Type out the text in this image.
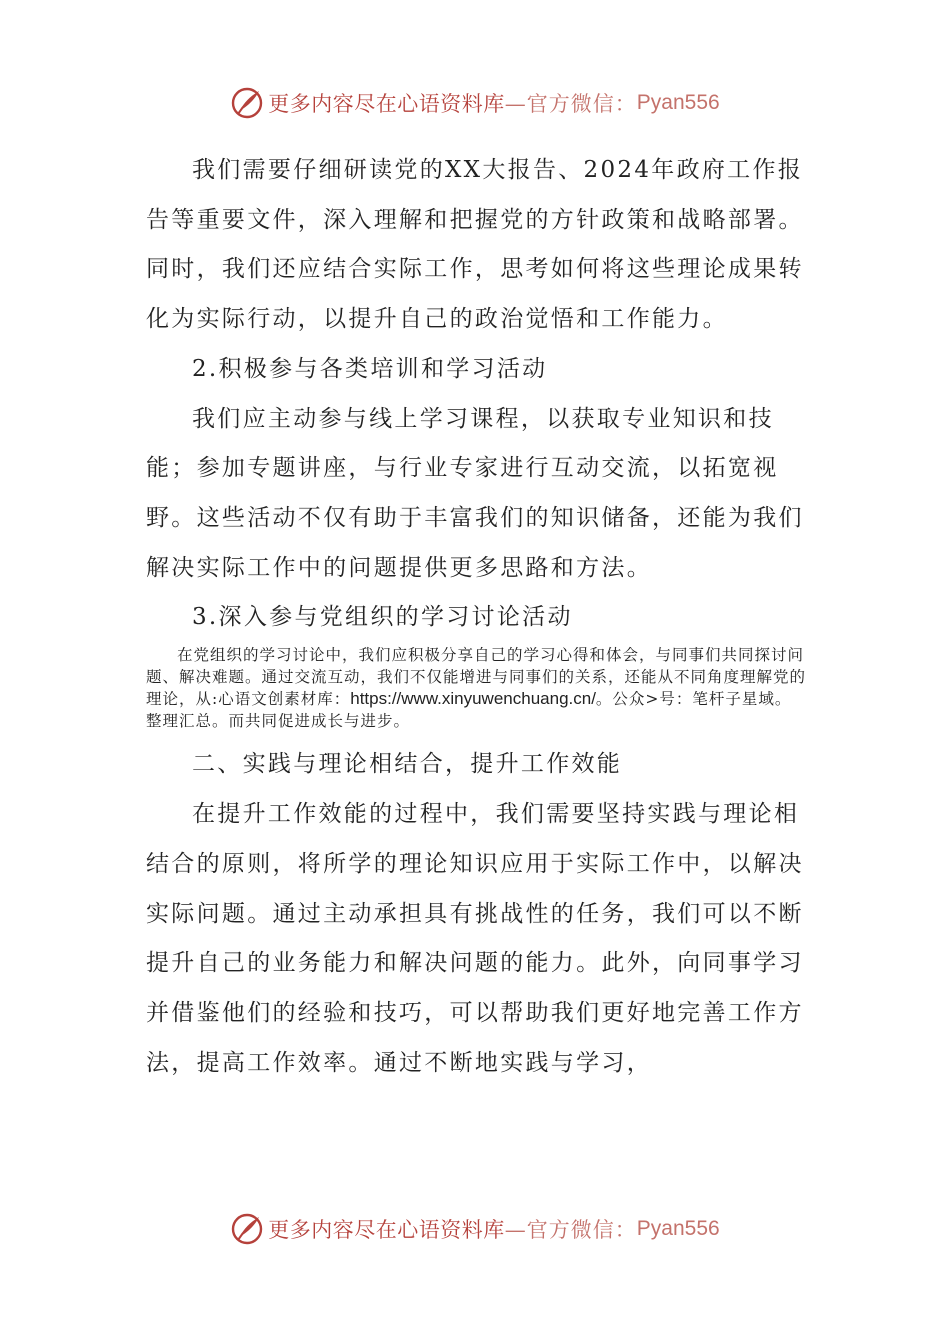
更多内容尽在心语资料库 —官方微信： Pyan556

我们需要仔细研读党的XX大报告、2024年政府工作报告等重要文件，深入理解和把握党的方针政策和战略部署。同时，我们还应结合实际工作，思考如何将这些理论成果转化为实际行动，以提升自己的政治觉悟和工作能力。

2.积极参与各类培训和学习活动

我们应主动参与线上学习课程，以获取专业知识和技能；参加专题讲座，与行业专家进行互动交流，以拓宽视野。这些活动不仅有助于丰富我们的知识储备，还能为我们解决实际工作中的问题提供更多思路和方法。

3.深入参与党组织的学习讨论活动

在党组织的学习讨论中，我们应积极分享自己的学习心得和体会，与同事们共同探讨问题、解决难题。通过交流互动，我们不仅能增进与同事们的关系，还能从不同角度理解党的理论，从:心语文创素材库：https://www.xinyuwenchuang.cn/。公众>号：笔杆子星域。整理汇总。而共同促进成长与进步。

二、实践与理论相结合，提升工作效能

在提升工作效能的过程中，我们需要坚持实践与理论相结合的原则，将所学的理论知识应用于实际工作中，以解决实际问题。通过主动承担具有挑战性的任务，我们可以不断提升自己的业务能力和解决问题的能力。此外，向同事学习并借鉴他们的经验和技巧，可以帮助我们更好地完善工作方法，提高工作效率。通过不断地实践与学习，

更多内容尽在心语资料库 —官方微信： Pyan556
